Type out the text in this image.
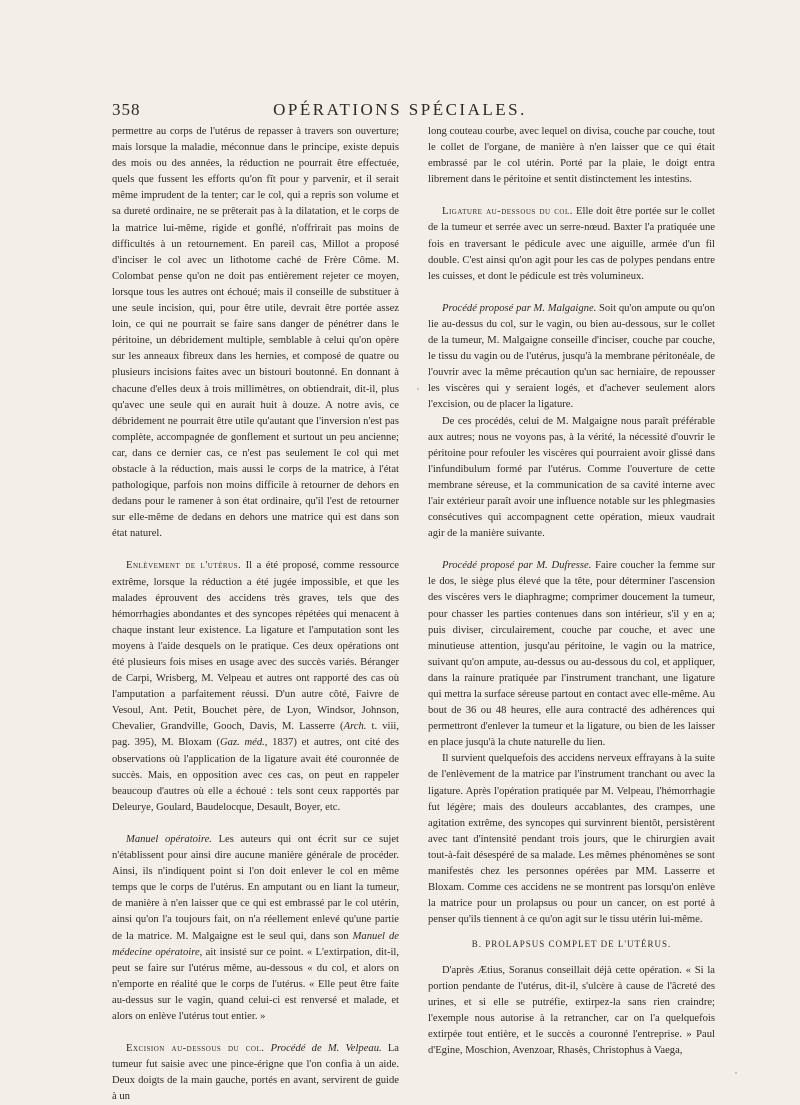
358	OPÉRATIONS SPÉCIALES.

permettre au corps de l'utérus de repasser à travers son ouverture; mais lorsque la maladie, méconnue dans le principe, existe depuis des mois ou des années, la réduction ne pourrait être effectuée, quels que fussent les efforts qu'on fît pour y parvenir, et il serait même imprudent de la tenter; car le col, qui a repris son volume et sa dureté ordinaire, ne se prêterait pas à la dilatation, et le corps de la matrice lui-même, rigide et gonflé, n'offrirait pas moins de difficultés à un retournement. En pareil cas, Millot a proposé d'inciser le col avec un lithotome caché de Frère Côme. M. Colombat pense qu'on ne doit pas entièrement rejeter ce moyen, lorsque tous les autres ont échoué; mais il conseille de substituer à une seule incision, qui, pour être utile, devrait être portée assez loin, ce qui ne pourrait se faire sans danger de pénétrer dans le péritoine, un débridement multiple, semblable à celui qu'on opère sur les anneaux fibreux dans les hernies, et composé de quatre ou plusieurs incisions faites avec un bistouri boutonné. En donnant à chacune d'elles deux à trois millimètres, on obtiendrait, dit-il, plus qu'avec une seule qui en aurait huit à douze. A notre avis, ce débridement ne pourrait être utile qu'autant que l'inversion n'est pas complète, accompagnée de gonflement et surtout un peu ancienne; car, dans ce dernier cas, ce n'est pas seulement le col qui met obstacle à la réduction, mais aussi le corps de la matrice, à l'état pathologique, parfois non moins difficile à retourner de dehors en dedans pour le ramener à son état ordinaire, qu'il l'est de retourner sur elle-même de dedans en dehors une matrice qui est dans son état naturel.

Enlèvement de l'utérus. Il a été proposé, comme ressource extrême, lorsque la réduction a été jugée impossible, et que les malades éprouvent des accidens très graves, tels que des hémorrhagies abondantes et des syncopes répétées qui menacent à chaque instant leur existence. La ligature et l'amputation sont les moyens à l'aide desquels on le pratique. Ces deux opérations ont été plusieurs fois mises en usage avec des succès variés. Béranger de Carpi, Wrisberg, M. Velpeau et autres ont rapporté des cas où l'amputation a parfaitement réussi. D'un autre côté, Faivre de Vesoul, Ant. Petit, Bouchet père, de Lyon, Windsor, Johnson, Chevalier, Grandville, Gooch, Davis, M. Lasserre (Arch. t. viii, pag. 395), M. Bloxam (Gaz. méd., 1837) et autres, ont cité des observations où l'application de la ligature avait été couronnée de succès. Mais, en opposition avec ces cas, on peut en rappeler beaucoup d'autres où elle a échoué : tels sont ceux rapportés par Deleurye, Goulard, Baudelocque, Desault, Boyer, etc.

Manuel opératoire. Les auteurs qui ont écrit sur ce sujet n'établissent pour ainsi dire aucune manière générale de procéder. Ainsi, ils n'indiquent point si l'on doit enlever le col en même temps que le corps de l'utérus. En amputant ou en liant la tumeur, de manière à n'en laisser que ce qui est embrassé par le col utérin, ainsi qu'on l'a toujours fait, on n'a réellement enlevé qu'une partie de la matrice. M. Malgaigne est le seul qui, dans son Manuel de médecine opératoire, ait insisté sur ce point. « L'extirpation, dit-il, peut se faire sur l'utérus même, au-dessous « du col, et alors on n'emporte en réalité que le corps de l'utérus. « Elle peut être faite au-dessus sur le vagin, quand celui-ci est renversé et malade, et alors on enlève l'utérus tout entier. »

Excision au-dessous du col. Procédé de M. Velpeau. La tumeur fut saisie avec une pince-érigne que l'on confia à un aide. Deux doigts de la main gauche, portés en avant, servirent de guide à un

long couteau courbe, avec lequel on divisa, couche par couche, tout le collet de l'organe, de manière à n'en laisser que ce qui était embrassé par le col utérin. Porté par la plaie, le doigt entra librement dans le péritoine et sentit distinctement les intestins.

Ligature au-dessous du col. Elle doit être portée sur le collet de la tumeur et serrée avec un serre-nœud. Baxter l'a pratiquée une fois en traversant le pédicule avec une aiguille, armée d'un fil double. C'est ainsi qu'on agit pour les cas de polypes pendans entre les cuisses, et dont le pédicule est très volumineux.

Procédé proposé par M. Malgaigne. Soit qu'on ampute ou qu'on lie au-dessus du col, sur le vagin, ou bien au-dessous, sur le collet de la tumeur, M. Malgaigne conseille d'inciser, couche par couche, le tissu du vagin ou de l'utérus, jusqu'à la membrane péritonéale, de l'ouvrir avec la même précaution qu'un sac herniaire, de repousser les viscères qui y seraient logés, et d'achever seulement alors l'excision, ou de placer la ligature.

De ces procédés, celui de M. Malgaigne nous paraît préférable aux autres; nous ne voyons pas, à la vérité, la nécessité d'ouvrir le péritoine pour refouler les viscères qui pourraient avoir glissé dans l'infundibulum formé par l'utérus. Comme l'ouverture de cette membrane séreuse, et la communication de sa cavité interne avec l'air extérieur paraît avoir une influence notable sur les phlegmasies consécutives qui accompagnent cette opération, mieux vaudrait agir de la manière suivante.

Procédé proposé par M. Dufresse. Faire coucher la femme sur le dos, le siège plus élevé que la tête, pour déterminer l'ascension des viscères vers le diaphragme; comprimer doucement la tumeur, pour chasser les parties contenues dans son intérieur, s'il y en a; puis diviser, circulairement, couche par couche, et avec une minutieuse attention, jusqu'au péritoine, le vagin ou la matrice, suivant qu'on ampute, au-dessus ou au-dessous du col, et appliquer, dans la rainure pratiquée par l'instrument tranchant, une ligature qui mettra la surface séreuse partout en contact avec elle-même. Au bout de 36 ou 48 heures, elle aura contracté des adhérences qui permettront d'enlever la tumeur et la ligature, ou bien de les laisser en place jusqu'à la chute naturelle du lien.

Il survient quelquefois des accidens nerveux effrayans à la suite de l'enlèvement de la matrice par l'instrument tranchant ou avec la ligature. Après l'opération pratiquée par M. Velpeau, l'hémorrhagie fut légère; mais des douleurs accablantes, des crampes, une agitation extrême, des syncopes qui survinrent bientôt, persistèrent avec tant d'intensité pendant trois jours, que le chirurgien avait tout-à-fait désespéré de sa malade. Les mêmes phénomènes se sont manifestés chez les personnes opérées par MM. Lasserre et Bloxam. Comme ces accidens ne se montrent pas lorsqu'on enlève la matrice pour un prolapsus ou pour un cancer, on est porté à penser qu'ils tiennent à ce qu'on agit sur le tissu utérin lui-même.

B. PROLAPSUS COMPLET DE L'UTÉRUS.

D'après Ætius, Soranus conseillait déjà cette opération. « Si la portion pendante de l'utérus, dit-il, s'ulcère à cause de l'âcreté des urines, et si elle se putréfie, extirpez-la sans rien craindre; l'exemple nous autorise à la retrancher, car on l'a quelquefois extirpée tout entière, et le succès a couronné l'entreprise. » Paul d'Egine, Moschion, Avenzoar, Rhasès, Christophus à Vaega,
